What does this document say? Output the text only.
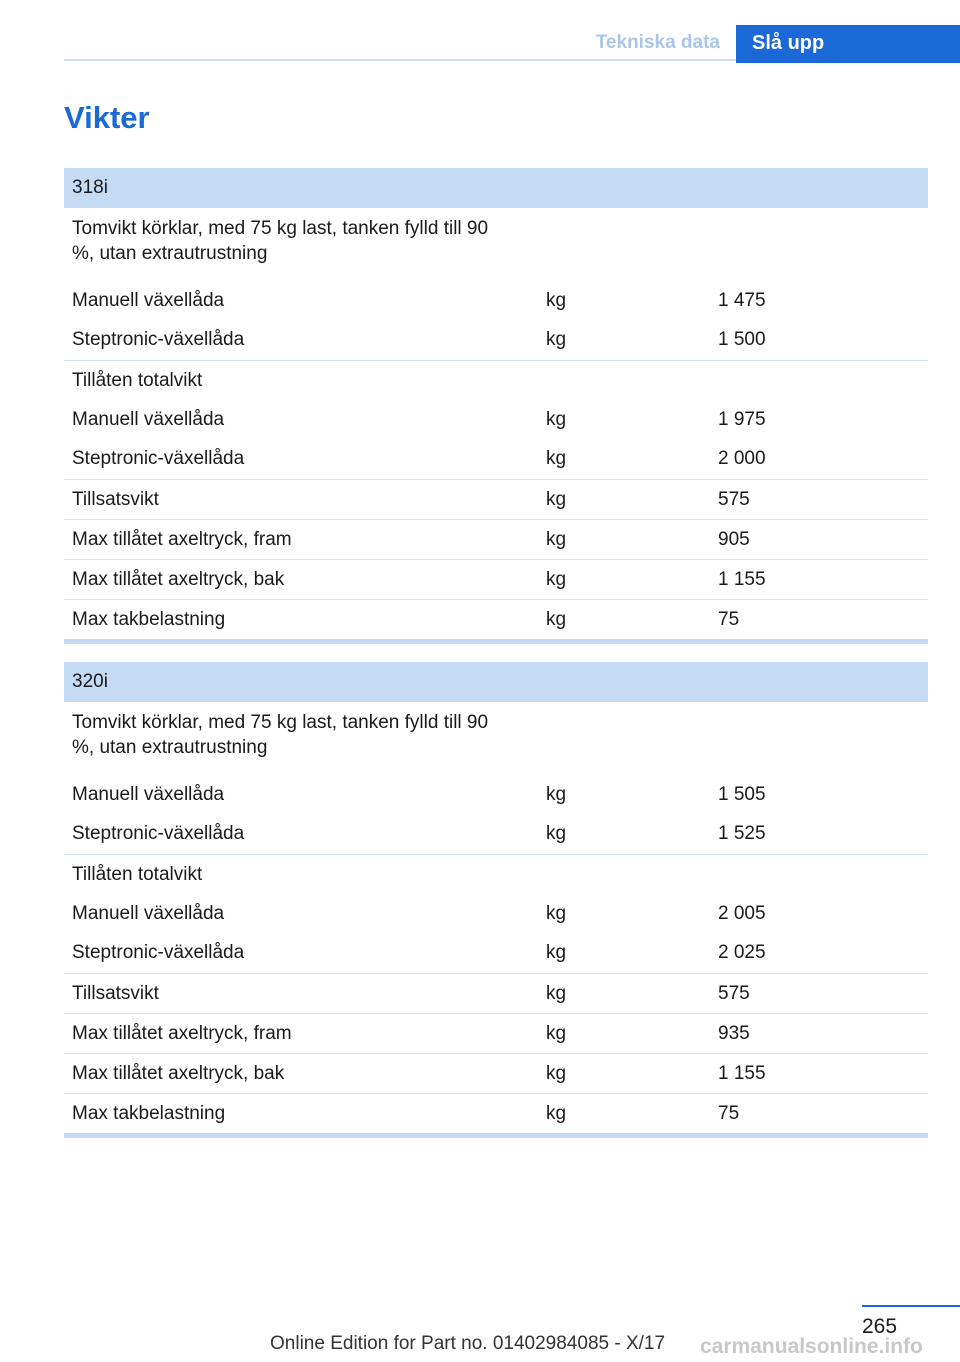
Tekniska data	Slå upp
Vikter
318i
Tomvikt körklar, med 75 kg last, tanken fylld till 90 %, utan extrautrustning
Manuell växellåda	kg	1 475
Steptronic-växellåda	kg	1 500
Tillåten totalvikt
Manuell växellåda	kg	1 975
Steptronic-växellåda	kg	2 000
Tillsatsvikt	kg	575
Max tillåtet axeltryck, fram	kg	905
Max tillåtet axeltryck, bak	kg	1 155
Max takbelastning	kg	75
320i
Tomvikt körklar, med 75 kg last, tanken fylld till 90 %, utan extrautrustning
Manuell växellåda	kg	1 505
Steptronic-växellåda	kg	1 525
Tillåten totalvikt
Manuell växellåda	kg	2 005
Steptronic-växellåda	kg	2 025
Tillsatsvikt	kg	575
Max tillåtet axeltryck, fram	kg	935
Max tillåtet axeltryck, bak	kg	1 155
Max takbelastning	kg	75
265
Online Edition for Part no. 01402984085 - X/17 carmanualsonline.info
